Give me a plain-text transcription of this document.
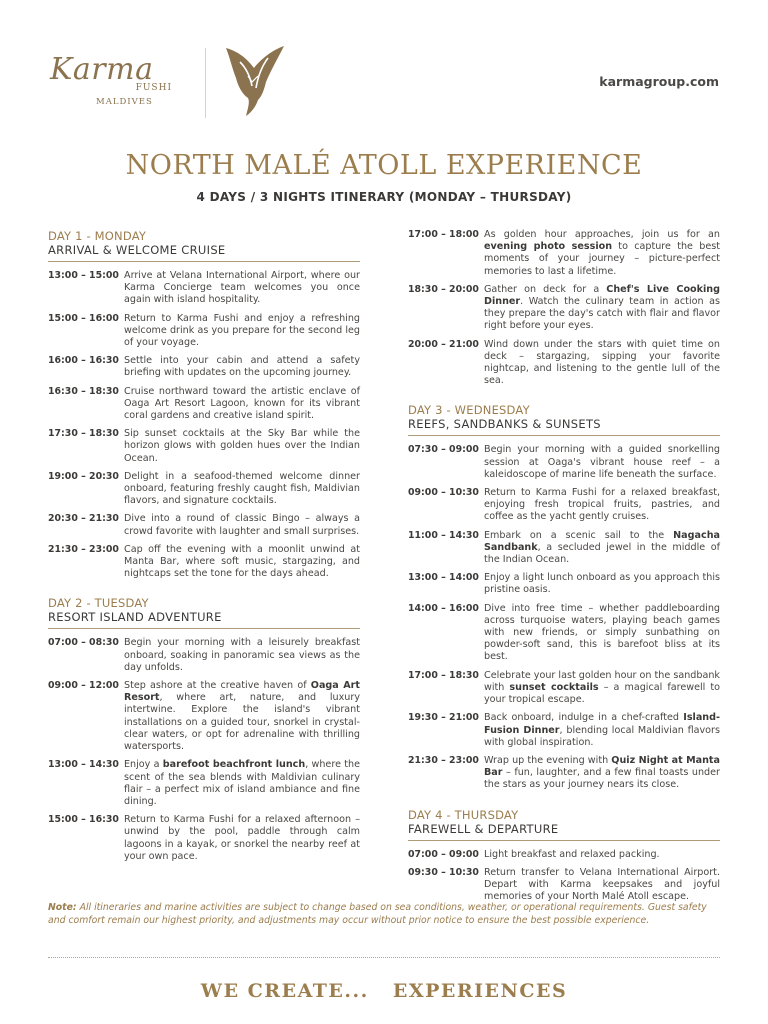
Karma
FUSHI
MALDIVES
karmagroup.com
NORTH MALÉ ATOLL EXPERIENCE
4 DAYS / 3 NIGHTS ITINERARY (MONDAY – THURSDAY)
DAY 1 - MONDAY
ARRIVAL & WELCOME CRUISE
13:00 – 15:00 Arrive at Velana International Airport, where our Karma Concierge team welcomes you once again with island hospitality.
15:00 – 16:00 Return to Karma Fushi and enjoy a refreshing welcome drink as you prepare for the second leg of your voyage.
16:00 – 16:30 Settle into your cabin and attend a safety briefing with updates on the upcoming journey.
16:30 – 18:30 Cruise northward toward the artistic enclave of Oaga Art Resort Lagoon, known for its vibrant coral gardens and creative island spirit.
17:30 – 18:30 Sip sunset cocktails at the Sky Bar while the horizon glows with golden hues over the Indian Ocean.
19:00 – 20:30 Delight in a seafood-themed welcome dinner onboard, featuring freshly caught fish, Maldivian flavors, and signature cocktails.
20:30 – 21:30 Dive into a round of classic Bingo – always a crowd favorite with laughter and small surprises.
21:30 – 23:00 Cap off the evening with a moonlit unwind at Manta Bar, where soft music, stargazing, and nightcaps set the tone for the days ahead.
DAY 2 - TUESDAY
RESORT ISLAND ADVENTURE
07:00 – 08:30 Begin your morning with a leisurely breakfast onboard, soaking in panoramic sea views as the day unfolds.
09:00 – 12:00 Step ashore at the creative haven of Oaga Art Resort, where art, nature, and luxury intertwine. Explore the island's vibrant installations on a guided tour, snorkel in crystal-clear waters, or opt for adrenaline with thrilling watersports.
13:00 – 14:30 Enjoy a barefoot beachfront lunch, where the scent of the sea blends with Maldivian culinary flair – a perfect mix of island ambiance and fine dining.
15:00 – 16:30 Return to Karma Fushi for a relaxed afternoon – unwind by the pool, paddle through calm lagoons in a kayak, or snorkel the nearby reef at your own pace.
17:00 – 18:00 As golden hour approaches, join us for an evening photo session to capture the best moments of your journey – picture-perfect memories to last a lifetime.
18:30 – 20:00 Gather on deck for a Chef's Live Cooking Dinner. Watch the culinary team in action as they prepare the day's catch with flair and flavor right before your eyes.
20:00 – 21:00 Wind down under the stars with quiet time on deck – stargazing, sipping your favorite nightcap, and listening to the gentle lull of the sea.
DAY 3 - WEDNESDAY
REEFS, SANDBANKS & SUNSETS
07:30 – 09:00 Begin your morning with a guided snorkelling session at Oaga's vibrant house reef – a kaleidoscope of marine life beneath the surface.
09:00 – 10:30 Return to Karma Fushi for a relaxed breakfast, enjoying fresh tropical fruits, pastries, and coffee as the yacht gently cruises.
11:00 – 14:30 Embark on a scenic sail to the Nagacha Sandbank, a secluded jewel in the middle of the Indian Ocean.
13:00 – 14:00 Enjoy a light lunch onboard as you approach this pristine oasis.
14:00 – 16:00 Dive into free time – whether paddleboarding across turquoise waters, playing beach games with new friends, or simply sunbathing on powder-soft sand, this is barefoot bliss at its best.
17:00 – 18:30 Celebrate your last golden hour on the sandbank with sunset cocktails – a magical farewell to your tropical escape.
19:30 – 21:00 Back onboard, indulge in a chef-crafted Island-Fusion Dinner, blending local Maldivian flavors with global inspiration.
21:30 – 23:00 Wrap up the evening with Quiz Night at Manta Bar – fun, laughter, and a few final toasts under the stars as your journey nears its close.
DAY 4 - THURSDAY
FAREWELL & DEPARTURE
07:00 – 09:00 Light breakfast and relaxed packing.
09:30 – 10:30 Return transfer to Velana International Airport. Depart with Karma keepsakes and joyful memories of your North Malé Atoll escape.
Note: All itineraries and marine activities are subject to change based on sea conditions, weather, or operational requirements. Guest safety and comfort remain our highest priority, and adjustments may occur without prior notice to ensure the best possible experience.
WE CREATE... EXPERIENCES
